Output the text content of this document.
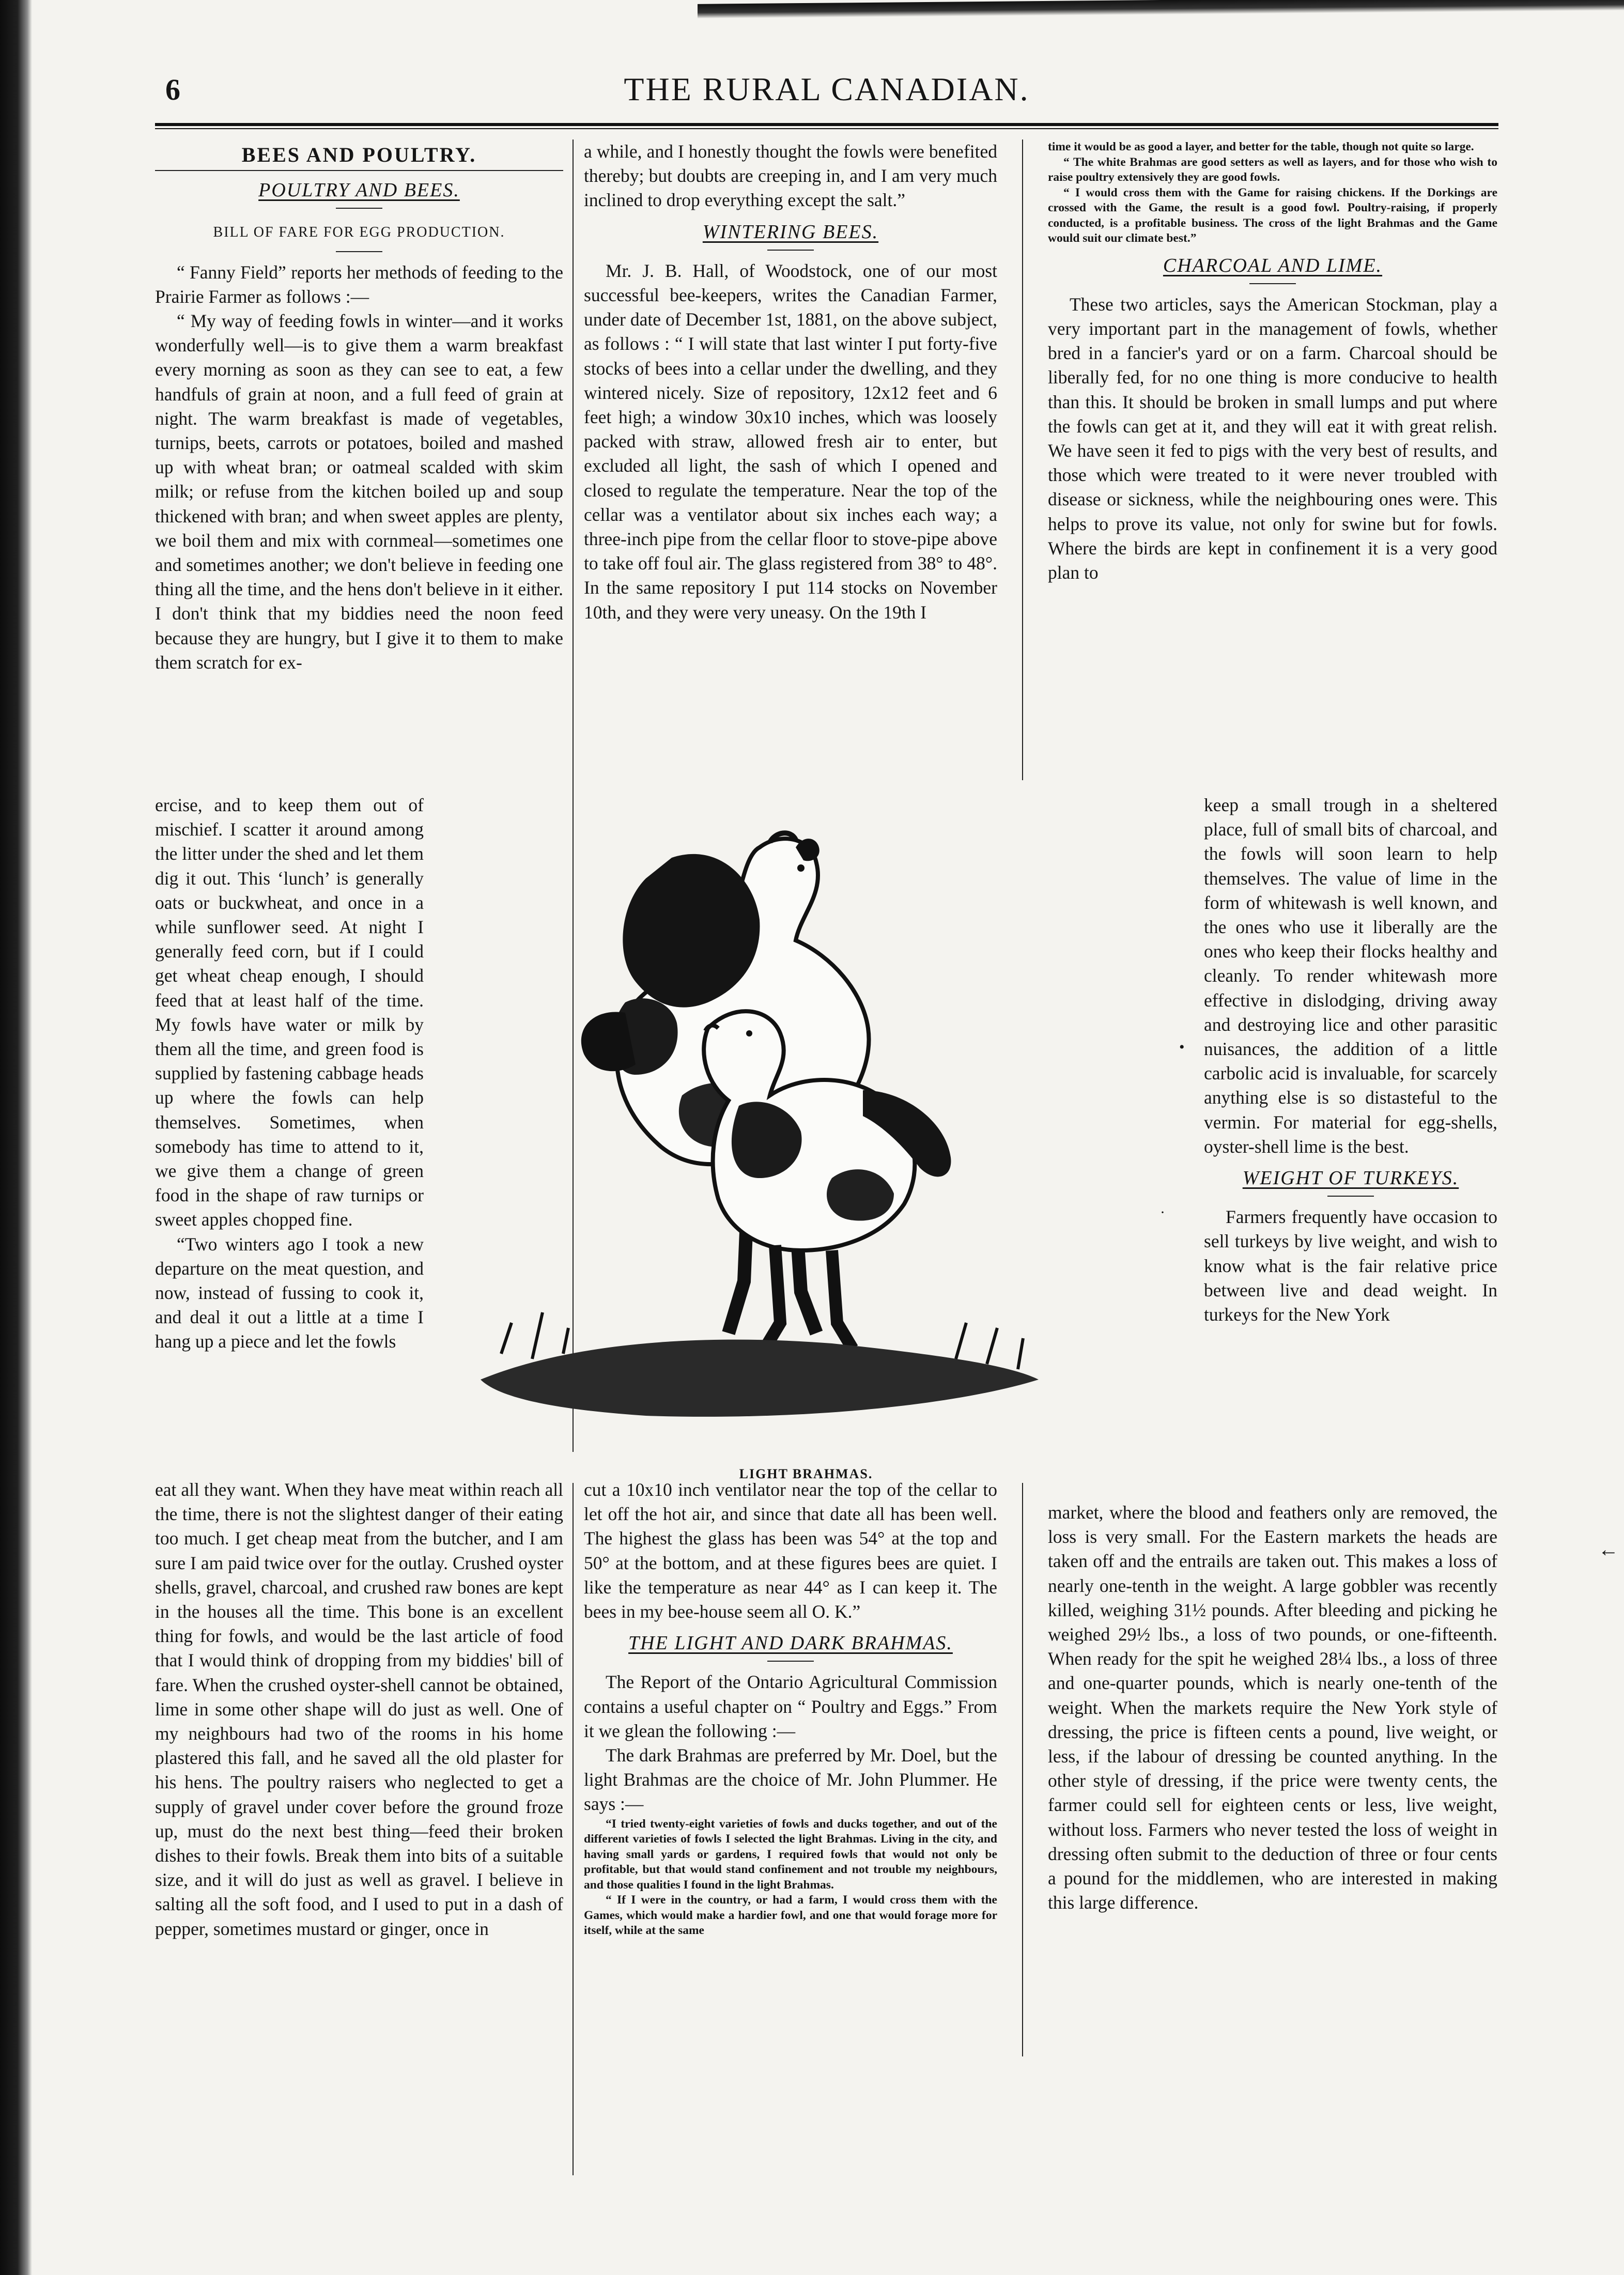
6	THE RURAL CANADIAN.
BEES AND POULTRY.
POULTRY AND BEES.
BILL OF FARE FOR EGG PRODUCTION.

“ Fanny Field” reports her methods of feeding to the Prairie Farmer as follows :—

“ My way of feeding fowls in winter—and it works wonderfully well—is to give them a warm breakfast every morning as soon as they can see to eat, a few handfuls of grain at noon, and a full feed of grain at night. The warm breakfast is made of vegetables, turnips, beets, carrots or potatoes, boiled and mashed up with wheat bran; or oatmeal scalded with skim milk; or refuse from the kitchen boiled up and soup thickened with bran; and when sweet apples are plenty, we boil them and mix with cornmeal—sometimes one and sometimes another; we don't believe in feeding one thing all the time, and the hens don't believe in it either. I don't think that my biddies need the noon feed because they are hungry, but I give it to them to make them scratch for ex-

ercise, and to keep them out of mischief. I scatter it around among the litter under the shed and let them dig it out. This ‘lunch’ is generally oats or buckwheat, and once in a while sunflower seed. At night I generally feed corn, but if I could get wheat cheap enough, I should feed that at least half of the time. My fowls have water or milk by them all the time, and green food is supplied by fastening cabbage heads up where the fowls can help themselves. Sometimes, when somebody has time to attend to it, we give them a change of green food in the shape of raw turnips or sweet apples chopped fine.

“Two winters ago I took a new departure on the meat question, and now, instead of fussing to cook it, and deal it out a little at a time I hang up a piece and let the fowls

eat all they want. When they have meat within reach all the time, there is not the slightest danger of their eating too much. I get cheap meat from the butcher, and I am sure I am paid twice over for the outlay. Crushed oyster shells, gravel, charcoal, and crushed raw bones are kept in the houses all the time. This bone is an excellent thing for fowls, and would be the last article of food that I would think of dropping from my biddies' bill of fare. When the crushed oyster-shell cannot be obtained, lime in some other shape will do just as well. One of my neighbours had two of the rooms in his home plastered this fall, and he saved all the old plaster for his hens. The poultry raisers who neglected to get a supply of gravel under cover before the ground froze up, must do the next best thing—feed their broken dishes to their fowls. Break them into bits of a suitable size, and it will do just as well as gravel. I believe in salting all the soft food, and I used to put in a dash of pepper, sometimes mustard or ginger, once in

a while, and I honestly thought the fowls were benefited thereby; but doubts are creeping in, and I am very much inclined to drop everything except the salt.”

WINTERING BEES.

Mr. J. B. Hall, of Woodstock, one of our most successful bee-keepers, writes the Canadian Farmer, under date of December 1st, 1881, on the above subject, as follows : “ I will state that last winter I put forty-five stocks of bees into a cellar under the dwelling, and they wintered nicely. Size of repository, 12x12 feet and 6 feet high; a window 30x10 inches, which was loosely packed with straw, allowed fresh air to enter, but excluded all light, the sash of which I opened and closed to regulate the temperature. Near the top of the cellar was a ventilator about six inches each way; a three-inch pipe from the cellar floor to stove-pipe above to take off foul air. The glass registered from 38° to 48°. In the same repository I put 114 stocks on November 10th, and they were very uneasy. On the 19th I

LIGHT BRAHMAS.

cut a 10x10 inch ventilator near the top of the cellar to let off the hot air, and since that date all has been well. The highest the glass has been was 54° at the top and 50° at the bottom, and at these figures bees are quiet. I like the temperature as near 44° as I can keep it. The bees in my bee-house seem all O. K.”

THE LIGHT AND DARK BRAHMAS.

The Report of the Ontario Agricultural Commission contains a useful chapter on “ Poultry and Eggs.” From it we glean the following :—

The dark Brahmas are preferred by Mr. Doel, but the light Brahmas are the choice of Mr. John Plummer. He says :—

“I tried twenty-eight varieties of fowls and ducks together, and out of the different varieties of fowls I selected the light Brahmas. Living in the city, and having small yards or gardens, I required fowls that would not only be profitable, but that would stand confinement and not trouble my neighbours, and those qualities I found in the light Brahmas.

“ If I were in the country, or had a farm, I would cross them with the Games, which would make a hardier fowl, and one that would forage more for itself, while at the same

time it would be as good a layer, and better for the table, though not quite so large.

“ The white Brahmas are good setters as well as layers, and for those who wish to raise poultry extensively they are good fowls.

“ I would cross them with the Game for raising chickens. If the Dorkings are crossed with the Game, the result is a good fowl. Poultry-raising, if properly conducted, is a profitable business. The cross of the light Brahmas and the Game would suit our climate best.”

CHARCOAL AND LIME.

These two articles, says the American Stockman, play a very important part in the management of fowls, whether bred in a fancier's yard or on a farm. Charcoal should be liberally fed, for no one thing is more conducive to health than this. It should be broken in small lumps and put where the fowls can get at it, and they will eat it with great relish. We have seen it fed to pigs with the very best of results, and those which were treated to it were never troubled with disease or sickness, while the neighbouring ones were. This helps to prove its value, not only for swine but for fowls. Where the birds are kept in confinement it is a very good plan to

keep a small trough in a sheltered place, full of small bits of charcoal, and the fowls will soon learn to help themselves. The value of lime in the form of whitewash is well known, and the ones who use it liberally are the ones who keep their flocks healthy and cleanly. To render whitewash more effective in dislodging, driving away and destroying lice and other parasitic nuisances, the addition of a little carbolic acid is invaluable, for scarcely anything else is so distasteful to the vermin. For material for egg-shells, oyster-shell lime is the best.

WEIGHT OF TURKEYS.

Farmers frequently have occasion to sell turkeys by live weight, and wish to know what is the fair relative price between live and dead weight. In turkeys for the New York

market, where the blood and feathers only are removed, the loss is very small. For the Eastern markets the heads are taken off and the entrails are taken out. This makes a loss of nearly one-tenth in the weight. A large gobbler was recently killed, weighing 31½ pounds. After bleeding and picking he weighed 29½ lbs., a loss of two pounds, or one-fifteenth. When ready for the spit he weighed 28¼ lbs., a loss of three and one-quarter pounds, which is nearly one-tenth of the weight. When the markets require the New York style of dressing, the price is fifteen cents a pound, live weight, or less, if the labour of dressing be counted anything. In the other style of dressing, if the price were twenty cents, the farmer could sell for eighteen cents or less, live weight, without loss. Farmers who never tested the loss of weight in dressing often submit to the deduction of three or four cents a pound for the middlemen, who are interested in making this large difference.

←
•
·
